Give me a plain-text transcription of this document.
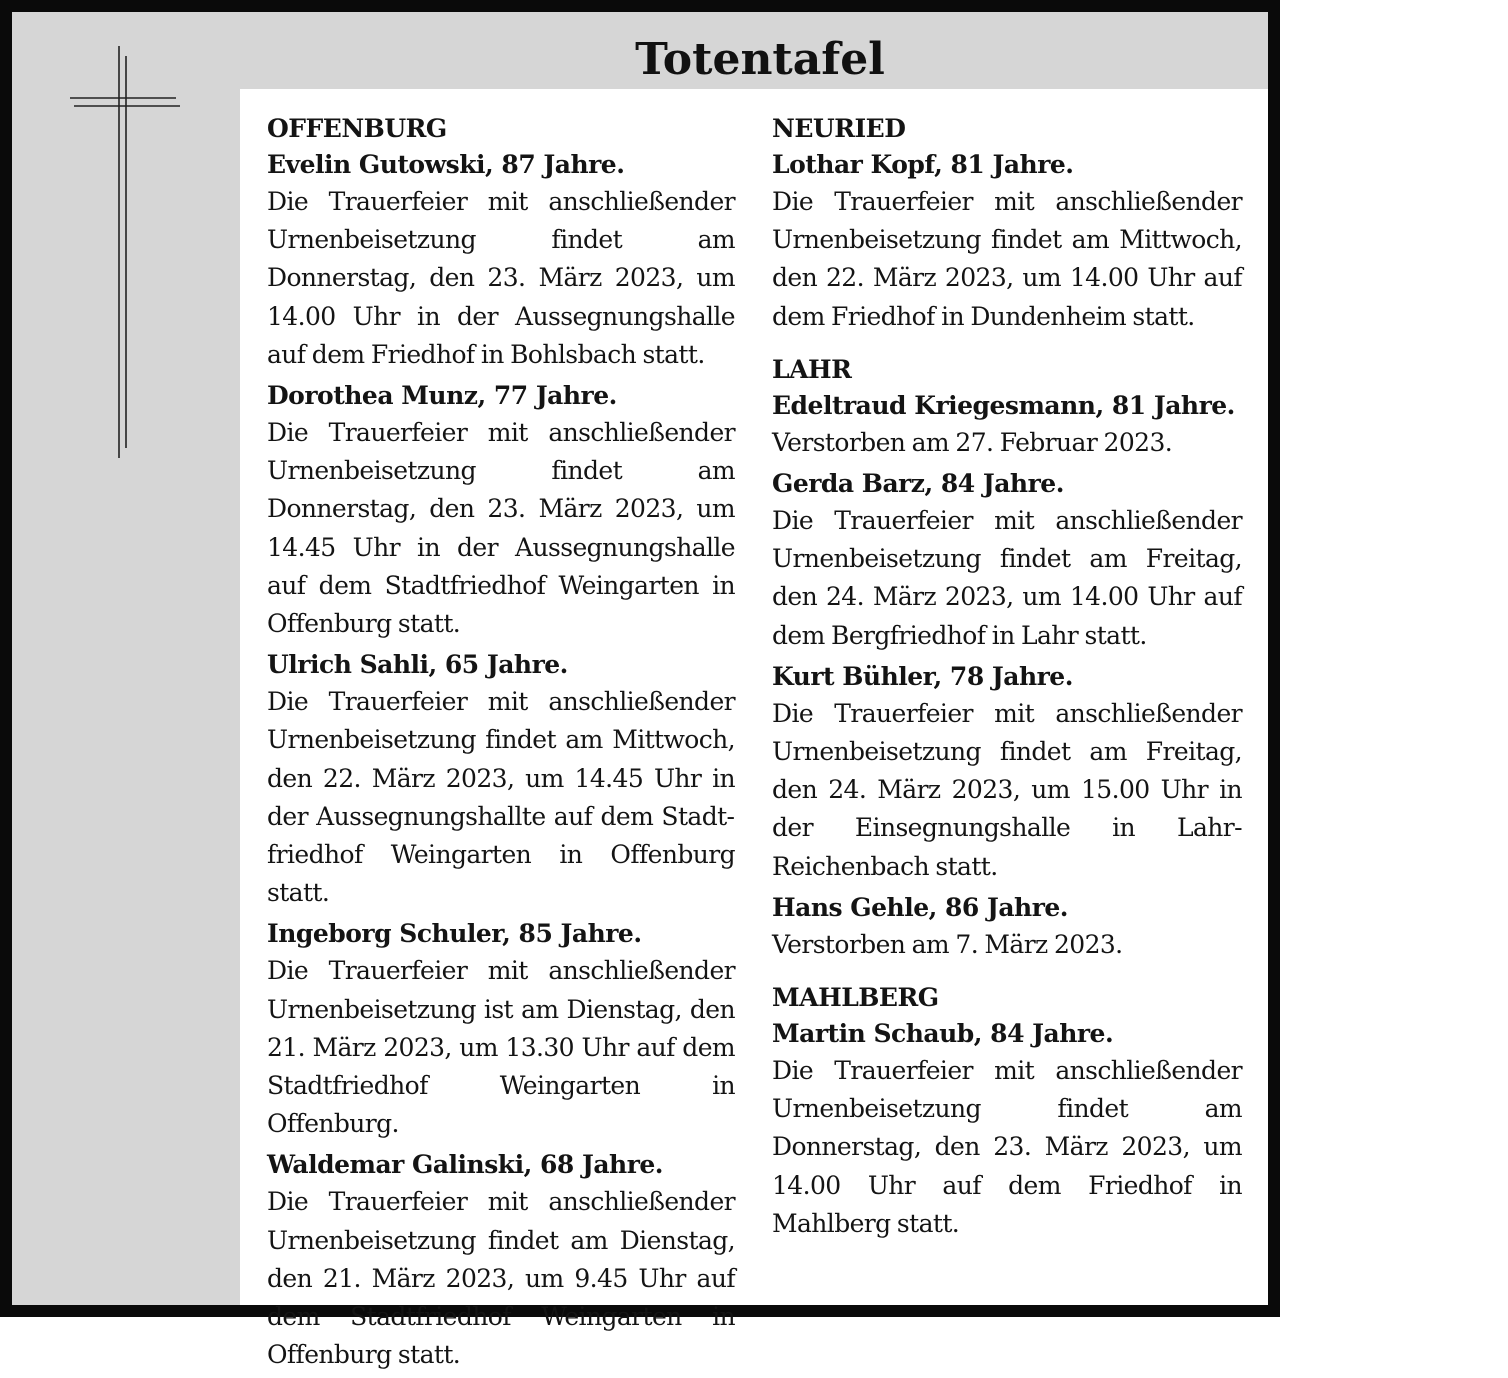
Totentafel
OFFENBURG
Evelin Gutowski, 87 Jahre.
Die Trauerfeier mit anschließender Urnenbeisetzung findet am Donnerstag, den 23. März 2023, um 14.00 Uhr in der Aussegnungshalle auf dem Friedhof in Bohlsbach statt.
Dorothea Munz, 77 Jahre.
Die Trauerfeier mit anschließender Urnenbeisetzung findet am Donnerstag, den 23. März 2023, um 14.45 Uhr in der Aussegnungshalle auf dem Stadtfriedhof Weingarten in Offenburg statt.
Ulrich Sahli, 65 Jahre.
Die Trauerfeier mit anschließender Urnenbeisetzung findet am Mittwoch, den 22. März 2023, um 14.45 Uhr in der Aussegnungshallte auf dem Stadtfriedhof Weingarten in Offenburg statt.
Ingeborg Schuler, 85 Jahre.
Die Trauerfeier mit anschließender Urnenbeisetzung ist am Dienstag, den 21. März 2023, um 13.30 Uhr auf dem Stadtfriedhof Weingarten in Offenburg.
Waldemar Galinski, 68 Jahre.
Die Trauerfeier mit anschließender Urnenbeisetzung findet am Dienstag, den 21. März 2023, um 9.45 Uhr auf dem Stadtfriedhof Weingarten in Offenburg statt.
NEURIED
Lothar Kopf, 81 Jahre.
Die Trauerfeier mit anschließender Urnenbeisetzung findet am Mittwoch, den 22. März 2023, um 14.00 Uhr auf dem Friedhof in Dundenheim statt.
LAHR
Edeltraud Kriegesmann, 81 Jahre.
Verstorben am 27. Februar 2023.
Gerda Barz, 84 Jahre.
Die Trauerfeier mit anschließender Urnenbeisetzung findet am Freitag, den 24. März 2023, um 14.00 Uhr auf dem Bergfriedhof in Lahr statt.
Kurt Bühler, 78 Jahre.
Die Trauerfeier mit anschließender Urnenbeisetzung findet am Freitag, den 24. März 2023, um 15.00 Uhr in der Einsegnungshalle in Lahr-Reichenbach statt.
Hans Gehle, 86 Jahre.
Verstorben am 7. März 2023.
MAHLBERG
Martin Schaub, 84 Jahre.
Die Trauerfeier mit anschließender Urnenbeisetzung findet am Donnerstag, den 23. März 2023, um 14.00 Uhr auf dem Friedhof in Mahlberg statt.
